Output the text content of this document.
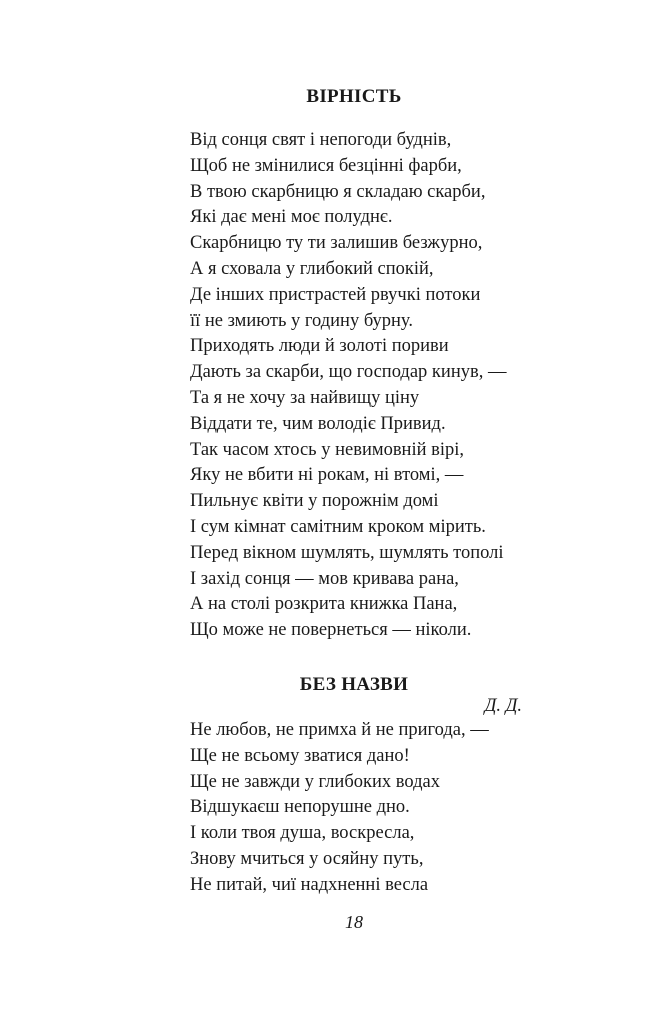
ВІРНІСТЬ
Від сонця свят і непогоди буднів,
Щоб не змінилися безцінні фарби,
В твою скарбницю я складаю скарби,
Які дає мені моє полуднє.
Скарбницю ту ти залишив безжурно,
А я сховала у глибокий спокій,
Де інших пристрастей рвучкі потоки
її не змиють у годину бурну.
Приходять люди й золоті пориви
Дають за скарби, що господар кинув, —
Та я не хочу за найвищу ціну
Віддати те, чим володіє Привид.
Так часом хтось у невимовній вірі,
Яку не вбити ні рокам, ні втомі, —
Пильнує квіти у порожнім домі
І сум кімнат самітним кроком мірить.
Перед вікном шумлять, шумлять тополі
І захід сонця — мов кривава рана,
А на столі розкрита книжка Пана,
Що може не повернеться — ніколи.
БЕЗ НАЗВИ

Д. Д.

Не любов, не примха й не пригода, —
Ще не всьому зватися дано!
Ще не завжди у глибоких водах
Відшукаєш непорушне дно.
І коли твоя душа, воскресла,
Знову мчиться у осяйну путь,
Не питай, чиї надхненні весла

18
